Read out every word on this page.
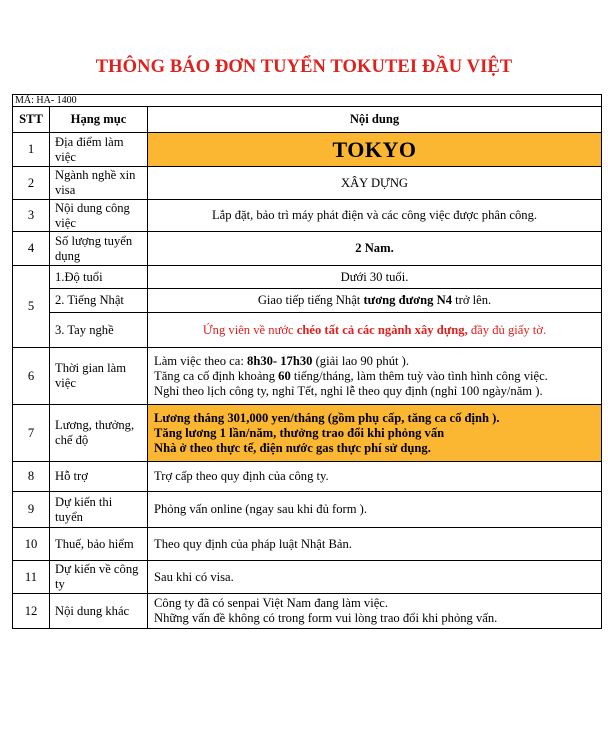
THÔNG BÁO ĐƠN TUYỂN TOKUTEI ĐẦU VIỆT
MÃ: HA- 1400		
STT	Hạng mục	Nội dung
1	Địa điểm làm việc	TOKYO
2	Ngành nghề xin visa	XÂY DỰNG
3	Nội dung công việc	Lắp đặt, bảo trì máy phát điện và các công việc được phân công.
4	Số lượng tuyển dụng	2 Nam.
5	1.Độ tuổi	Dưới 30 tuổi.
	2. Tiếng Nhật	Giao tiếp tiếng Nhật tương đương N4 trở lên.
	3. Tay nghề	Ứng viên về nước chéo tất cả các ngành xây dựng, đầy đủ giấy tờ.
6	Thời gian làm việc	Làm việc theo ca: 8h30- 17h30 (giải lao 90 phút ).
Tăng ca cố định khoảng 60 tiếng/tháng, làm thêm tuỳ vào tình hình công việc.
Nghỉ theo lịch công ty, nghỉ Tết, nghỉ lễ theo quy định (nghỉ 100 ngày/năm ).

7	Lương, thưởng, chế độ	Lương tháng 301,000 yen/tháng (gồm phụ cấp, tăng ca cố định ).
Tăng lương 1 lần/năm, thưởng trao đổi khi phỏng vấn
Nhà ở theo thực tế, điện nước gas thực phí sử dụng.

8	Hỗ trợ	Trợ cấp theo quy định của công ty.
9	Dự kiến thi tuyển	Phỏng vấn online (ngay sau khi đủ form ).
10	Thuế, bảo hiểm	Theo quy định của pháp luật Nhật Bản.
11	Dự kiến về công ty	Sau khi có visa.
12	Nội dung khác	Công ty đã có senpai Việt Nam đang làm việc.
Những vấn đề không có trong form vui lòng trao đổi khi phỏng vấn.
